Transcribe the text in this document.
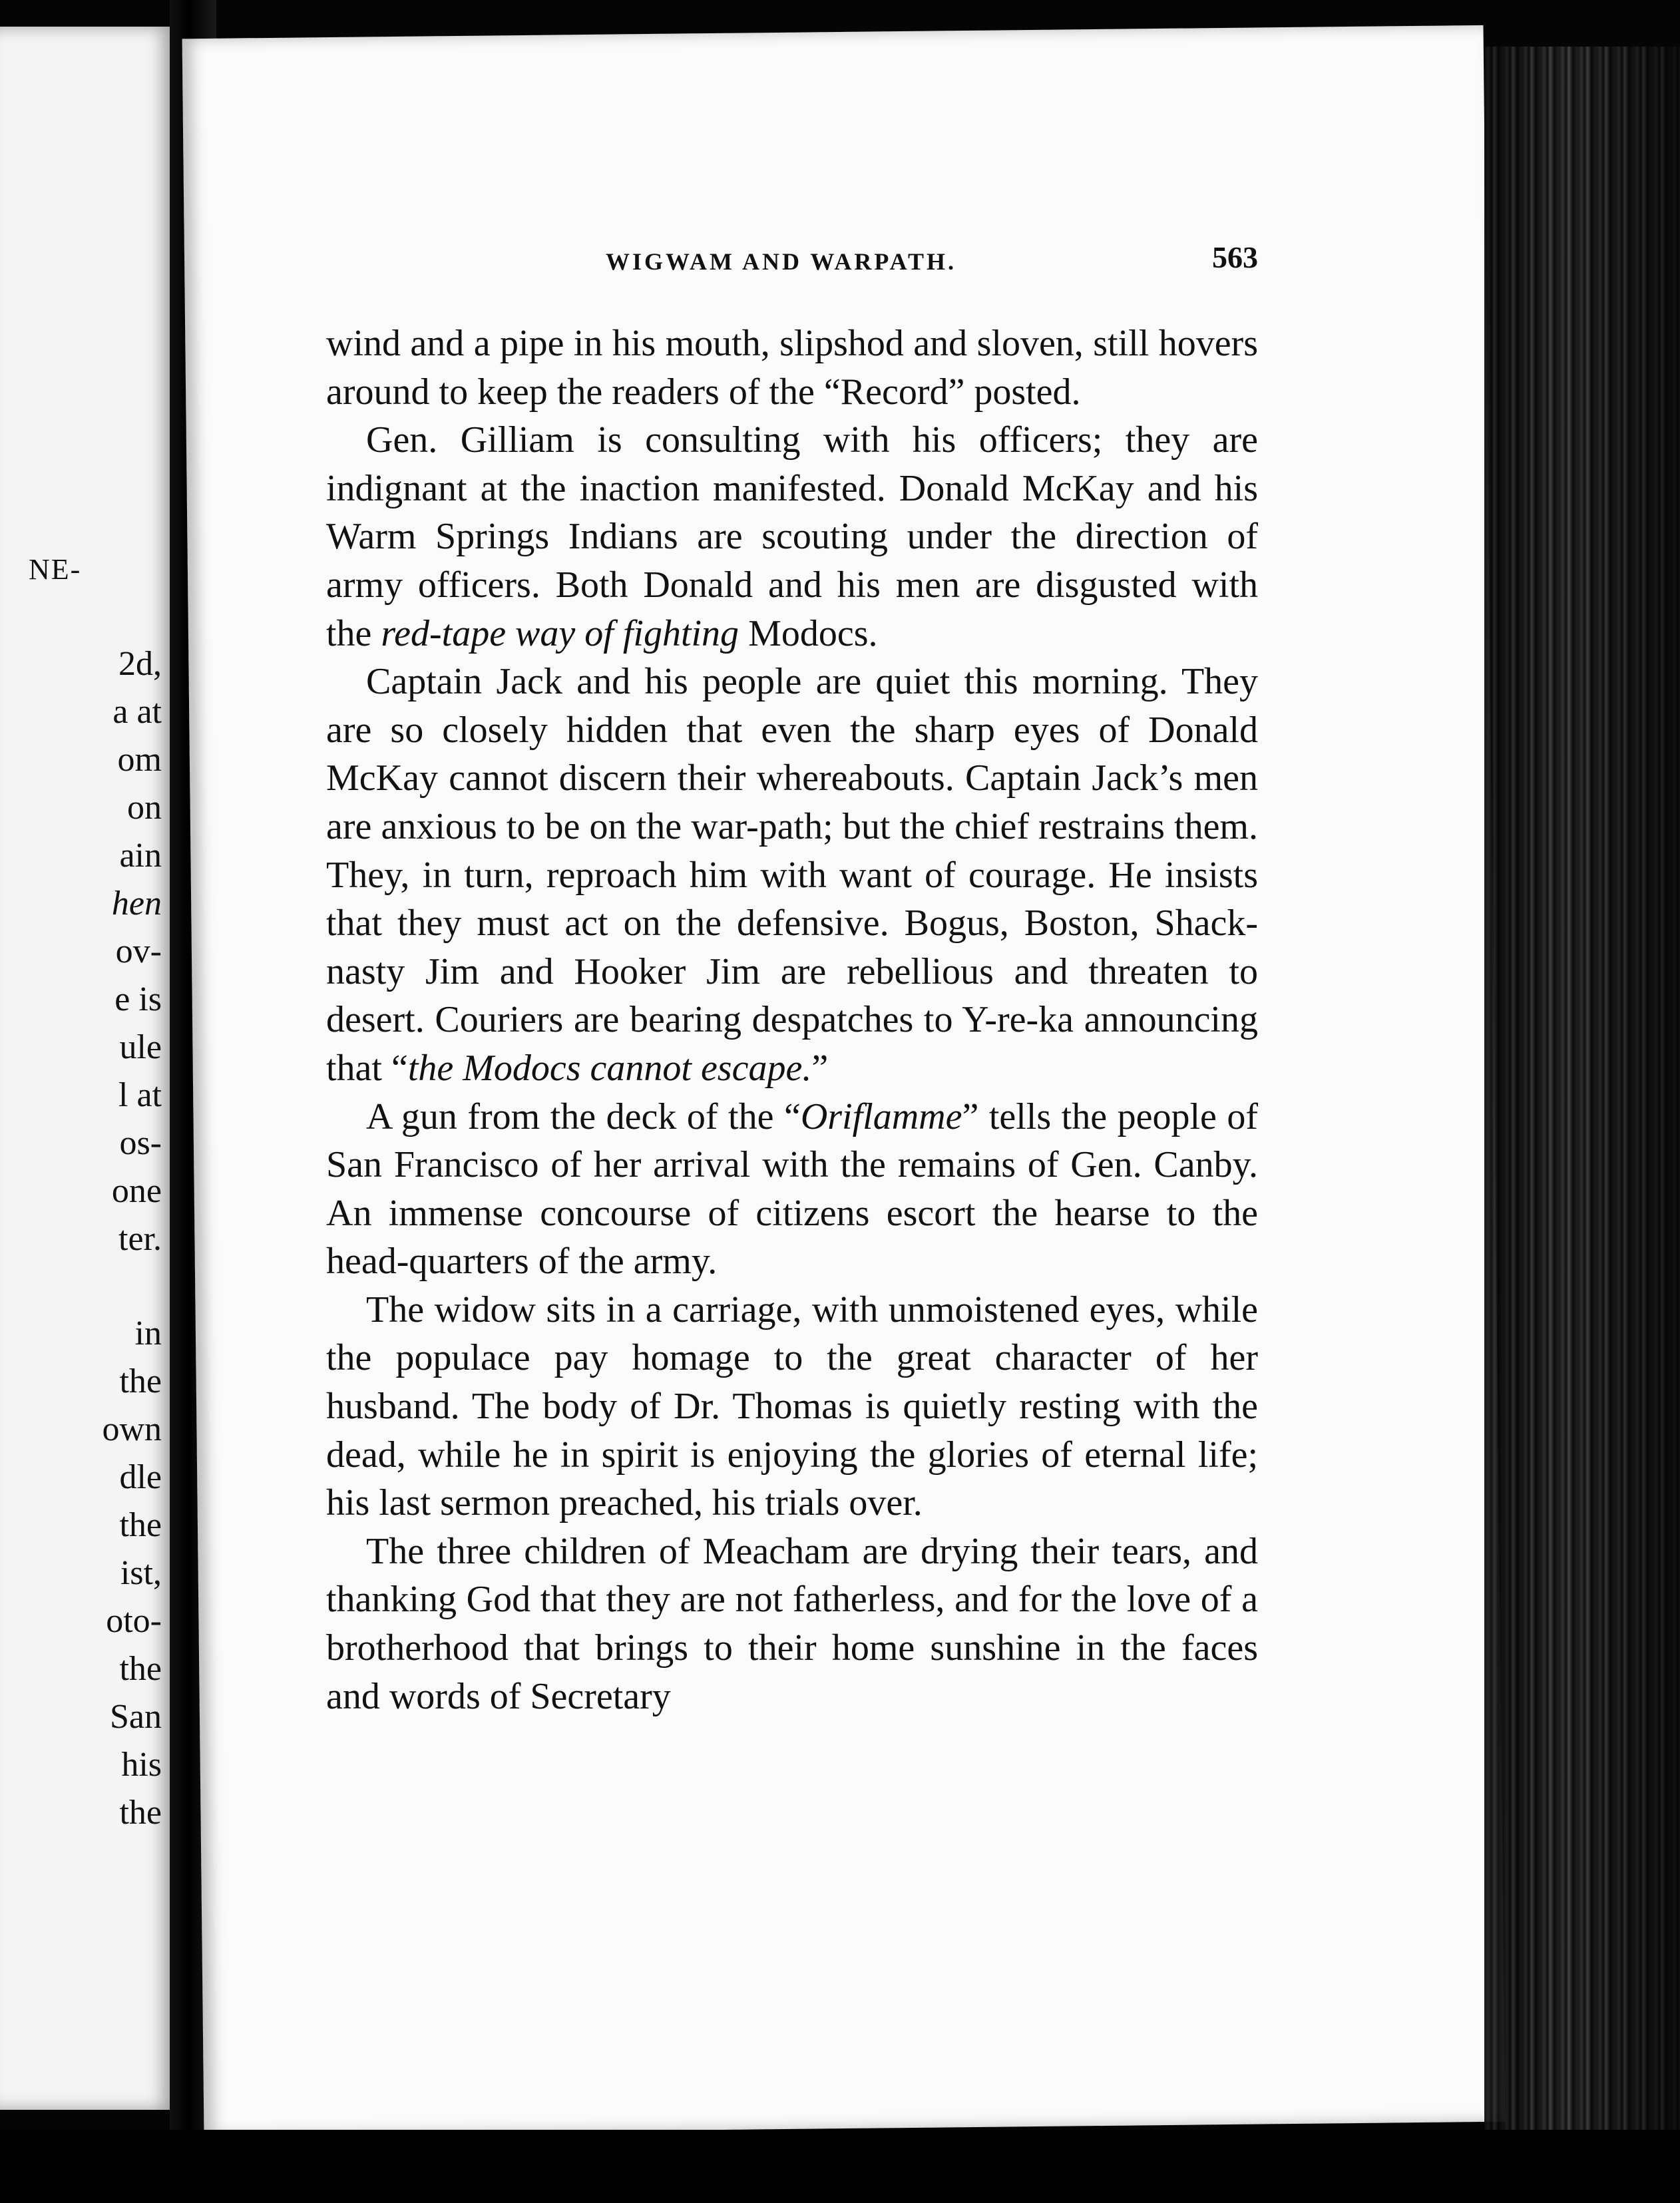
NE-
2d,
a at
om
on
ain
hen
ov-
e is
ule
l at
os-
one
ter.
in
the
own
dle
the
ist,
oto-
the
San
his
the
WIGWAM AND WARPATH.	563

wind and a pipe in his mouth, slipshod and sloven, still hovers around to keep the readers of the “Record” posted.

Gen. Gilliam is consulting with his officers; they are indignant at the inaction manifested. Donald McKay and his Warm Springs Indians are scouting under the direction of army officers. Both Donald and his men are disgusted with the red-tape way of fighting Modocs.

Captain Jack and his people are quiet this morning. They are so closely hidden that even the sharp eyes of Donald McKay cannot discern their whereabouts. Captain Jack’s men are anxious to be on the war-path; but the chief restrains them. They, in turn, reproach him with want of courage. He insists that they must act on the defensive. Bogus, Boston, Shack-nasty Jim and Hooker Jim are rebellious and threaten to desert. Couriers are bearing despatches to Y-re-ka announcing that “the Modocs cannot escape.”

A gun from the deck of the “Oriflamme” tells the people of San Francisco of her arrival with the remains of Gen. Canby. An immense concourse of citizens escort the hearse to the head-quarters of the army.

The widow sits in a carriage, with unmoistened eyes, while the populace pay homage to the great character of her husband. The body of Dr. Thomas is quietly resting with the dead, while he in spirit is enjoying the glories of eternal life; his last sermon preached, his trials over.

The three children of Meacham are drying their tears, and thanking God that they are not fatherless, and for the love of a brotherhood that brings to their home sunshine in the faces and words of Secretary
